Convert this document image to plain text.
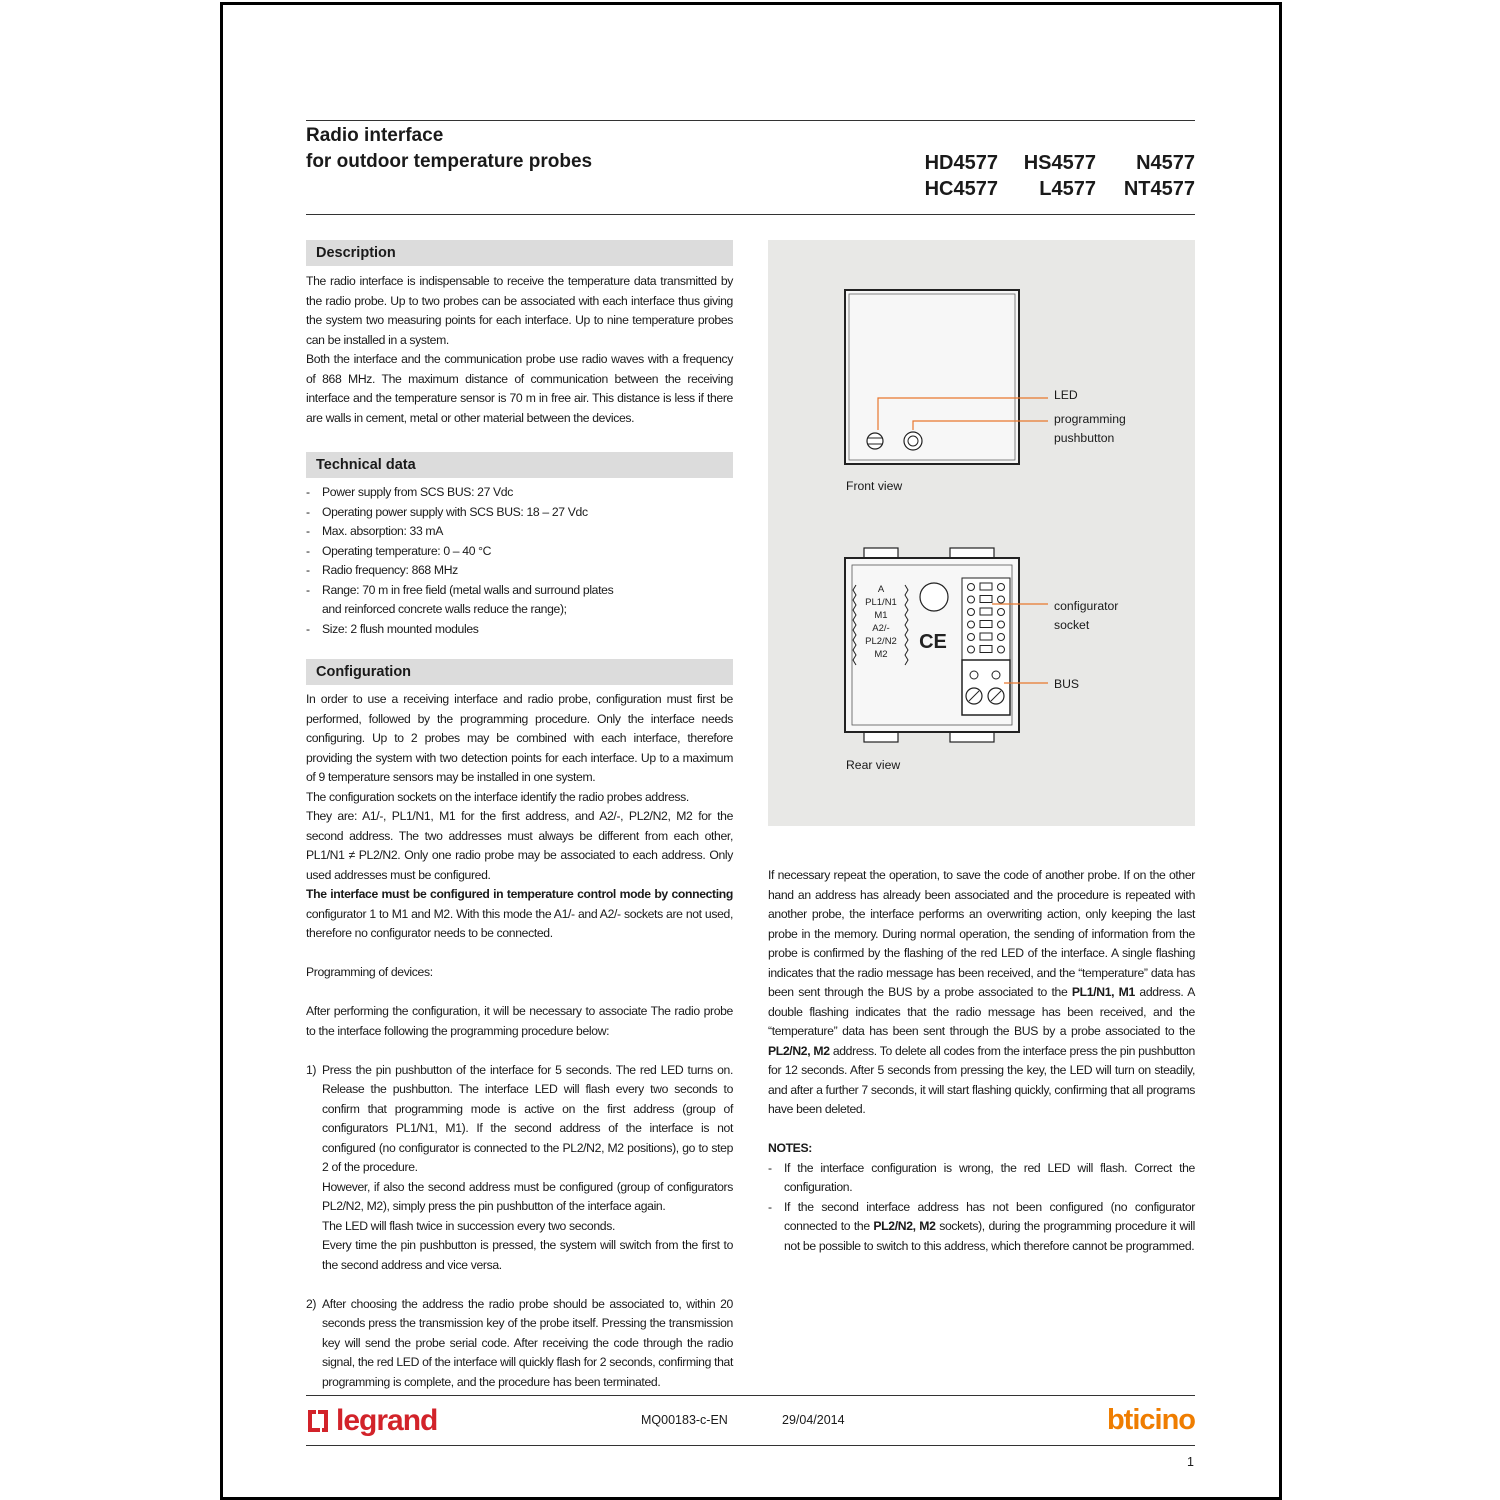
Radio interface
for outdoor temperature probes	HD4577	HS4577	N4577
HC4577	L4577	NT4577
Description

The radio interface is indispensable to receive the temperature data transmitted by the radio probe. Up to two probes can be associated with each interface thus giving the system two measuring points for each interface. Up to nine temperature probes can be installed in a system.

Both the interface and the communication probe use radio waves with a frequency of 868 MHz. The maximum distance of communication between the receiving interface and the temperature sensor is 70 m in free air. This distance is less if there are walls in cement, metal or other material between the devices.

Technical data
- Power supply from SCS BUS: 27 Vdc
- Operating power supply with SCS BUS: 18 – 27 Vdc
- Max. absorption: 33 mA
- Operating temperature: 0 – 40 °C
- Radio frequency: 868 MHz
- Range: 70 m in free field (metal walls and surround plates and reinforced concrete walls reduce the range);
- Size: 2 flush mounted modules
Configuration

In order to use a receiving interface and radio probe, configuration must first be performed, followed by the programming procedure. Only the interface needs configuring. Up to 2 probes may be combined with each interface, therefore providing the system with two detection points for each interface. Up to a maximum of 9 temperature sensors may be installed in one system.

The configuration sockets on the interface identify the radio probes address.

They are: A1/-, PL1/N1, M1 for the first address, and A2/-, PL2/N2, M2 for the second address. The two addresses must always be different from each other, PL1/N1 ≠ PL2/N2. Only one radio probe may be associated to each address. Only used addresses must be configured.

The interface must be configured in temperature control mode by connecting configurator 1 to M1 and M2. With this mode the A1/- and A2/- sockets are not used, therefore no configurator needs to be connected.

Programming of devices:

After performing the configuration, it will be necessary to associate The radio probe to the interface following the programming procedure below:

1) Press the pin pushbutton of the interface for 5 seconds. The red LED turns on. Release the pushbutton. The interface LED will flash every two seconds to confirm that programming mode is active on the first address (group of configurators PL1/N1, M1). If the second address of the interface is not configured (no configurator is connected to the PL2/N2, M2 positions), go to step 2 of the procedure.

However, if also the second address must be configured (group of configurators PL2/N2, M2), simply press the pin pushbutton of the interface again.

The LED will flash twice in succession every two seconds.

Every time the pin pushbutton is pressed, the system will switch from the first to the second address and vice versa.

2) After choosing the address the radio probe should be associated to, within 20 seconds press the transmission key of the probe itself. Pressing the transmission key will send the probe serial code. After receiving the code through the radio signal, the red LED of the interface will quickly flash for 2 seconds, confirming that programming is complete, and the procedure has been terminated.

CE
A
PL1/N1
M1
A2/-
PL2/N2
M2
LED
programming
pushbutton
Front view
configurator
socket
BUS
Rear view

If necessary repeat the operation, to save the code of another probe. If on the other hand an address has already been associated and the procedure is repeated with another probe, the interface performs an overwriting action, only keeping the last probe in the memory. During normal operation, the sending of information from the probe is confirmed by the flashing of the red LED of the interface. A single flashing indicates that the radio message has been received, and the “temperature” data has been sent through the BUS by a probe associated to the PL1/N1, M1 address. A double flashing indicates that the radio message has been received, and the “temperature” data has been sent through the BUS by a probe associated to the PL2/N2, M2 address. To delete all codes from the interface press the pin pushbutton for 12 seconds. After 5 seconds from pressing the key, the LED will turn on steadily, and after a further 7 seconds, it will start flashing quickly, confirming that all programs have been deleted.

NOTES:

- If the interface configuration is wrong, the red LED will flash. Correct the configuration.
- If the second interface address has not been configured (no configurator connected to the PL2/N2, M2 sockets), during the programming procedure it will not be possible to switch to this address, which therefore cannot be programmed.
legrand	MQ00183-c-EN	29/04/2014	bticino
1
